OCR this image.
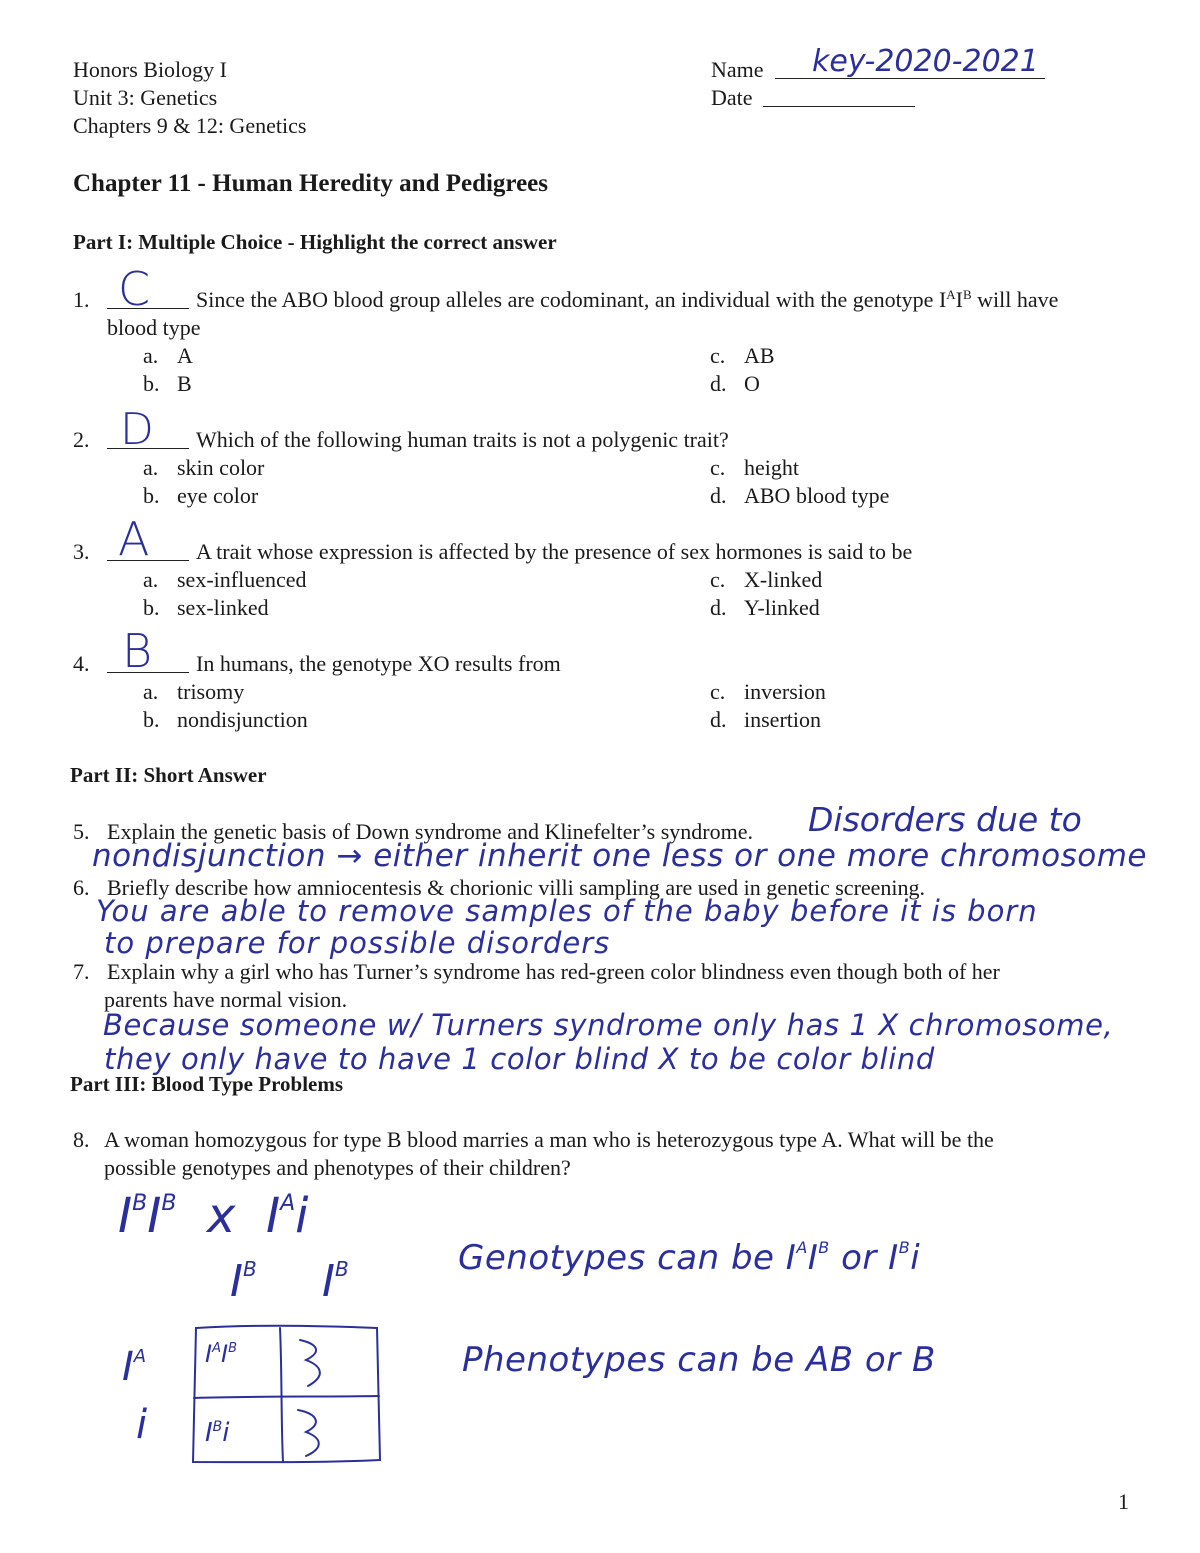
Honors Biology I
Unit 3: Genetics
Chapters 9 & 12: Genetics
Name key-2020-2021
Date
Chapter 11 - Human Heredity and Pedigrees
Part I: Multiple Choice - Highlight the correct answer
1. C Since the ABO blood group alleles are codominant, an individual with the genotype $I^AI^B$ will have
blood type
a. A
b. B
c. AB
d. O
2. D Which of the following human traits is not a polygenic trait?
a. skin color
b. eye color
c. height
d. ABO blood type
3. A A trait whose expression is affected by the presence of sex hormones is said to be
a. sex-influenced
b. sex-linked
c. X-linked
d. Y-linked
4. B In humans, the genotype XO results from
a. trisomy
b. nondisjunction
c. inversion
d. insertion
Part II: Short Answer
5. Explain the genetic basis of Down syndrome and Klinefelter’s syndrome. Disorders due to
nondisjunction → either inherit one less or one more chromosome
6. Briefly describe how amniocentesis & chorionic villi sampling are used in genetic screening.
You are able to remove samples of the baby before it is born
to prepare for possible disorders
7. Explain why a girl who has Turner’s syndrome has red-green color blindness even though both of her
parents have normal vision.
Because someone w/ Turners syndrome only has 1 X chromosome,
they only have to have 1 color blind X to be color blind
Part III: Blood Type Problems
8. A woman homozygous for type B blood marries a man who is heterozygous type A. What will be the
possible genotypes and phenotypes of their children?
$I^BI^B$ x $I^Ai$
$I^B$ $I^B$
$I^A$
i
$I^AI^B$
$I^Bi$
Genotypes can be $I^AI^B$ or $I^Bi$
Phenotypes can be AB or B
1
